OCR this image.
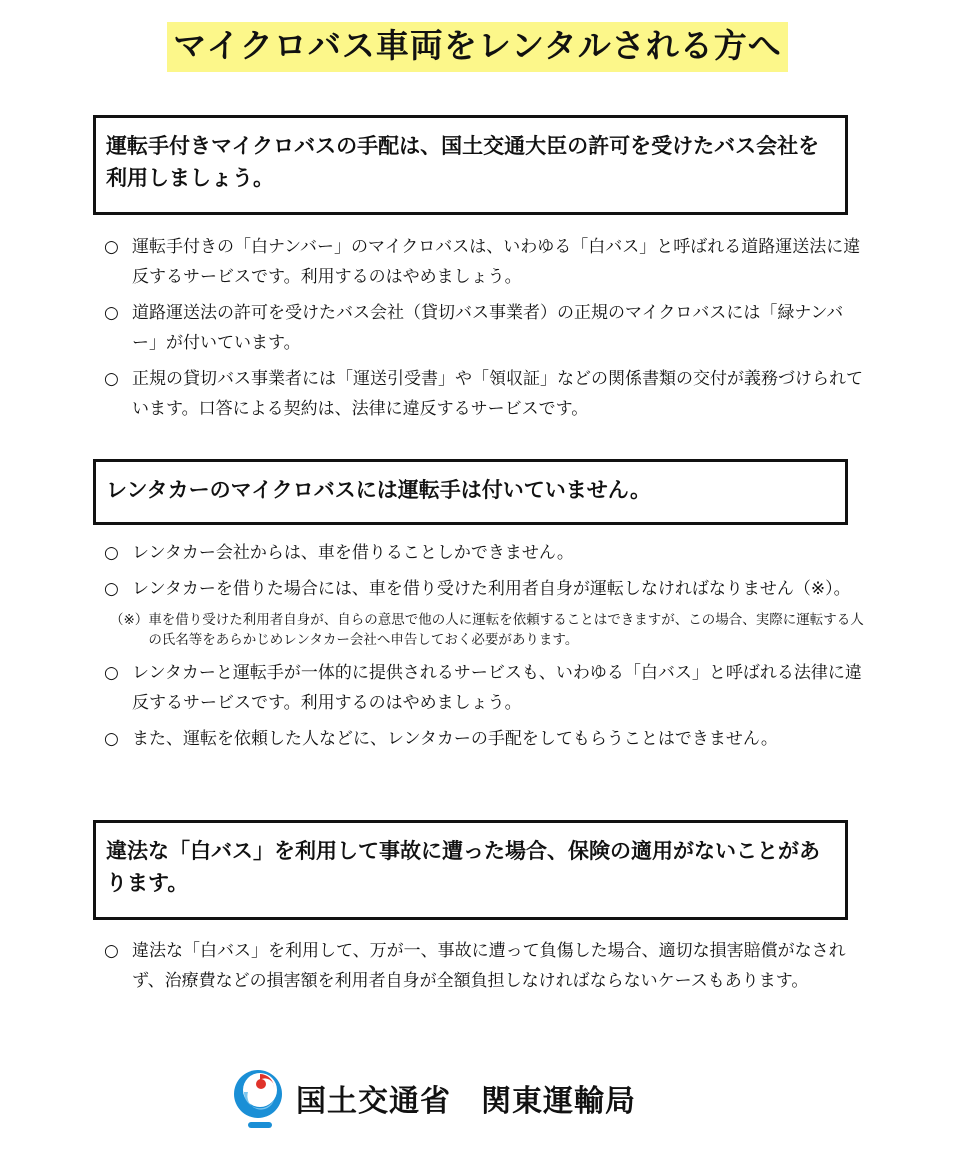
マイクロバス車両をレンタルされる方へ
運転手付きマイクロバスの手配は、国土交通大臣の許可を受けたバス会社を利用しましょう。
○ 運転手付きの「白ナンバー」のマイクロバスは、いわゆる「白バス」と呼ばれる道路運送法に違反するサービスです。利用するのはやめましょう。
○ 道路運送法の許可を受けたバス会社（貸切バス事業者）の正規のマイクロバスには「緑ナンバー」が付いています。
○ 正規の貸切バス事業者には「運送引受書」や「領収証」などの関係書類の交付が義務づけられています。口答による契約は、法律に違反するサービスです。
レンタカーのマイクロバスには運転手は付いていません。
○ レンタカー会社からは、車を借りることしかできません。
○ レンタカーを借りた場合には、車を借り受けた利用者自身が運転しなければなりません（※）。
（※） 車を借り受けた利用者自身が、自らの意思で他の人に運転を依頼することはできますが、この場合、実際に運転する人の氏名等をあらかじめレンタカー会社へ申告しておく必要があります。
○ レンタカーと運転手が一体的に提供されるサービスも、いわゆる「白バス」と呼ばれる法律に違反するサービスです。利用するのはやめましょう。
○ また、運転を依頼した人などに、レンタカーの手配をしてもらうことはできません。
違法な「白バス」を利用して事故に遭った場合、保険の適用がないことがあります。
○ 違法な「白バス」を利用して、万が一、事故に遭って負傷した場合、適切な損害賠償がなされず、治療費などの損害額を利用者自身が全額負担しなければならないケースもあります。
国土交通省 関東運輸局
